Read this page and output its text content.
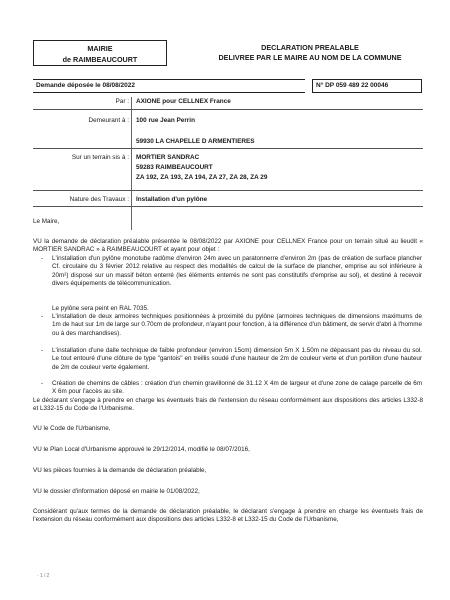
MAIRIE
de RAIMBEAUCOURT
DECLARATION PREALABLE
DELIVREE PAR LE MAIRE AU NOM DE LA COMMUNE
Demande déposée le 08/08/2022	N° DP 059 489 22 00046
Par : AXIONE pour CELLNEX France
Demeurant à : 100 rue Jean Perrin
59930 LA CHAPELLE D ARMENTIERES
Sur un terrain sis à : MORTIER SANDRAC
59283 RAIMBEAUCOURT
ZA 192, ZA 193, ZA 194, ZA 27, ZA 28, ZA 29
Nature des Travaux : Installation d'un pylône
Le Maire,
VU la demande de déclaration préalable présentée le 08/08/2022 par AXIONE pour CELLNEX France pour un terrain situé au lieudit « MORTIER SANDRAC » à RAIMBEAUCOURT et ayant pour objet :
- L'installation d'un pylône monotube radôme d'environ 24m avec un paratonnerre d'environ 2m (pas de création de surface plancher Cf. circulaire du 3 février 2012 relative au respect des modalités de calcul de la surface de plancher, emprise au sol inférieure à 20m²) disposé sur un massif béton enterré (les éléments enterrés ne sont pas constitutifs d'emprise au sol), et destiné à recevoir divers équipements de télécommunication.
Le pylône sera peint en RAL 7035.
- L'installation de deux armoires techniques positionnées à proximité du pylône (armoires techniques de dimensions maximums de 1m de haut sur 1m de large sur 0.70cm de profondeur, n'ayant pour fonction, à la différence d'un bâtiment, de servir d'abri à l'homme ou à des marchandises).
- L'installation d'une dalle technique de faible profondeur (environ 15cm) dimension 5m X 1.50m ne dépassant pas du niveau du sol. Le tout entouré d'une clôture de type "gantois" en treillis soudé d'une hauteur de 2m de couleur verte et d'un portillon d'une hauteur de 2m de couleur verte également.
- Création de chemins de câbles : création d'un chemin gravillonné de 31.12 X 4m de largeur et d'une zone de calage parcelle de 6m X 6m pour l'accès au site.
Le déclarant s'engage à prendre en charge les éventuels frais de l'extension du réseau conformément aux dispositions des articles L332-8 et L332-15 du Code de l'Urbanisme.
VU le Code de l'Urbanisme,
VU le Plan Local d'Urbanisme approuvé le 29/12/2014, modifié le 08/07/2016,
VU les pièces fournies à la demande de déclaration préalable,
VU le dossier d'information déposé en mairie le 01/08/2022,
Considérant qu'aux termes de la demande de déclaration préalable, le déclarant s'engage à prendre en charge les éventuels frais de l'extension du réseau conformément aux dispositions des articles L332-8 et L332-15 du Code de l'Urbanisme,
·1/2
